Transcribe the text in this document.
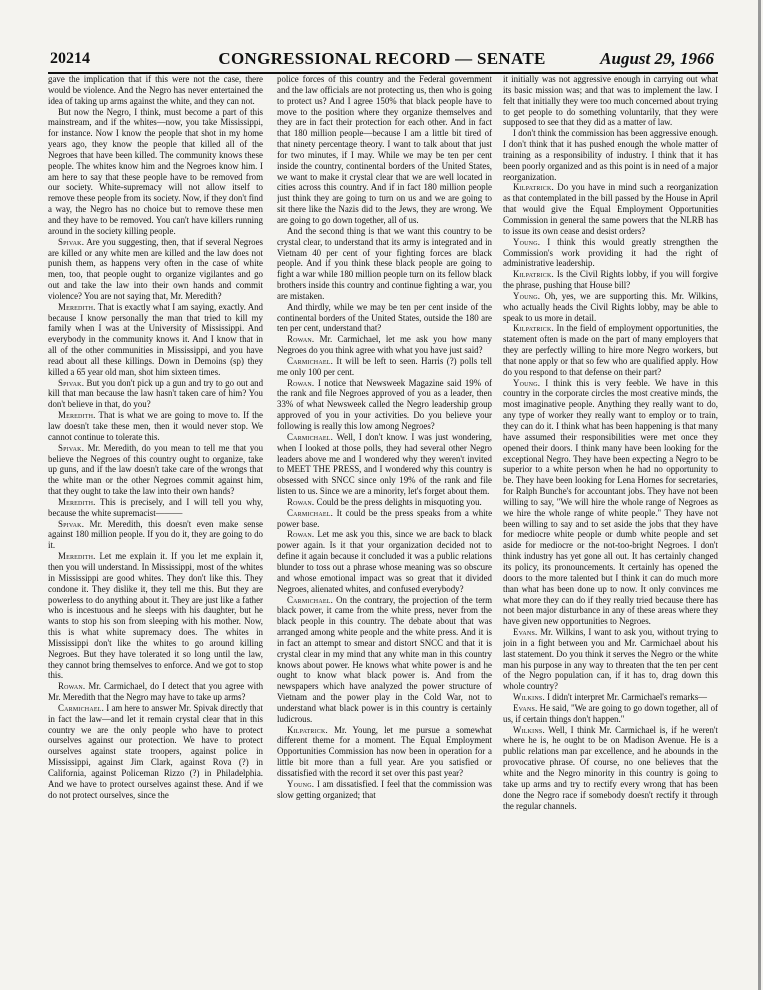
20214	CONGRESSIONAL RECORD — SENATE	August 29, 1966

gave the implication that if this were not the case, there would be violence. And the Negro has never entertained the idea of taking up arms against the white, and they can not.

But now the Negro, I think, must become a part of this mainstream, and if the whites—now, you take Mississippi, for instance. Now I know the people that shot in my home years ago, they know the people that killed all of the Negroes that have been killed. The community knows these people. The whites know him and the Negroes know him. I am here to say that these people have to be removed from our society. White-supremacy will not allow itself to remove these people from its society. Now, if they don't find a way, the Negro has no choice but to remove these men and they have to be removed. You can't have killers running around in the society killing people.

Spivak. Are you suggesting, then, that if several Negroes are killed or any white men are killed and the law does not punish them, as happens very often in the case of white men, too, that people ought to organize vigilantes and go out and take the law into their own hands and commit violence? You are not saying that, Mr. Meredith?

Meredith. That is exactly what I am saying, exactly. And because I know personally the man that tried to kill my family when I was at the University of Mississippi. And everybody in the community knows it. And I know that in all of the other communities in Mississippi, and you have read about all these killings. Down in Demoins (sp) they killed a 65 year old man, shot him sixteen times.

Spivak. But you don't pick up a gun and try to go out and kill that man because the law hasn't taken care of him? You don't believe in that, do you?

Meredith. That is what we are going to move to. If the law doesn't take these men, then it would never stop. We cannot continue to tolerate this.

Spivak. Mr. Meredith, do you mean to tell me that you believe the Negroes of this country ought to organize, take up guns, and if the law doesn't take care of the wrongs that the white man or the other Negroes commit against him, that they ought to take the law into their own hands?

Meredith. This is precisely, and I will tell you why, because the white supremacist———

Spivak. Mr. Meredith, this doesn't even make sense against 180 million people. If you do it, they are going to do it.

Meredith. Let me explain it. If you let me explain it, then you will understand. In Mississippi, most of the whites in Mississippi are good whites. They don't like this. They condone it. They dislike it, they tell me this. But they are powerless to do anything about it. They are just like a father who is incestuous and he sleeps with his daughter, but he wants to stop his son from sleeping with his mother. Now, this is what white supremacy does. The whites in Mississippi don't like the whites to go around killing Negroes. But they have tolerated it so long until the law, they cannot bring themselves to enforce. And we got to stop this.

Rowan. Mr. Carmichael, do I detect that you agree with Mr. Meredith that the Negro may have to take up arms?

Carmichael. I am here to answer Mr. Spivak directly that in fact the law—and let it remain crystal clear that in this country we are the only people who have to protect ourselves against our protection. We have to protect ourselves against state troopers, against police in Mississippi, against Jim Clark, against Rova (?) in California, against Policeman Rizzo (?) in Philadelphia. And we have to protect ourselves against these. And if we do not protect ourselves, since the

police forces of this country and the Federal government and the law officials are not protecting us, then who is going to protect us? And I agree 150% that black people have to move to the position where they organize themselves and they are in fact their protection for each other. And in fact that 180 million people—because I am a little bit tired of that ninety percentage theory. I want to talk about that just for two minutes, if I may. While we may be ten per cent inside the country, continental borders of the United States, we want to make it crystal clear that we are well located in cities across this country. And if in fact 180 million people just think they are going to turn on us and we are going to sit there like the Nazis did to the Jews, they are wrong. We are going to go down together, all of us.

And the second thing is that we want this country to be crystal clear, to understand that its army is integrated and in Vietnam 40 per cent of your fighting forces are black people. And if you think these black people are going to fight a war while 180 million people turn on its fellow black brothers inside this country and continue fighting a war, you are mistaken.

And thirdly, while we may be ten per cent inside of the continental borders of the United States, outside the 180 are ten per cent, understand that?

Rowan. Mr. Carmichael, let me ask you how many Negroes do you think agree with what you have just said?

Carmichael. It will be left to seen. Harris (?) polls tell me only 100 per cent.

Rowan. I notice that Newsweek Magazine said 19% of the rank and file Negroes approved of you as a leader, then 33% of what Newsweek called the Negro leadership group approved of you in your activities. Do you believe your following is really this low among Negroes?

Carmichael. Well, I don't know. I was just wondering, when I looked at those polls, they had several other Negro leaders above me and I wondered why they weren't invited to MEET THE PRESS, and I wondered why this country is obsessed with SNCC since only 19% of the rank and file listen to us. Since we are a minority, let's forget about them.

Rowan. Could be the press delights in misquoting you.

Carmichael. It could be the press speaks from a white power base.

Rowan. Let me ask you this, since we are back to black power again. Is it that your organization decided not to define it again because it concluded it was a public relations blunder to toss out a phrase whose meaning was so obscure and whose emotional impact was so great that it divided Negroes, alienated whites, and confused everybody?

Carmichael. On the contrary, the projection of the term black power, it came from the white press, never from the black people in this country. The debate about that was arranged among white people and the white press. And it is in fact an attempt to smear and distort SNCC and that it is crystal clear in my mind that any white man in this country knows about power. He knows what white power is and he ought to know what black power is. And from the newspapers which have analyzed the power structure of Vietnam and the power play in the Cold War, not to understand what black power is in this country is certainly ludicrous.

Kilpatrick. Mr. Young, let me pursue a somewhat different theme for a moment. The Equal Employment Opportunities Commission has now been in operation for a little bit more than a full year. Are you satisfied or dissatisfied with the record it set over this past year?

Young. I am dissatisfied. I feel that the commission was slow getting organized; that

it initially was not aggressive enough in carrying out what its basic mission was; and that was to implement the law. I felt that initially they were too much concerned about trying to get people to do something voluntarily, that they were supposed to see that they did as a matter of law.

I don't think the commission has been aggressive enough. I don't think that it has pushed enough the whole matter of training as a responsibility of industry. I think that it has been poorly organized and as this point is in need of a major reorganization.

Kilpatrick. Do you have in mind such a reorganization as that contemplated in the bill passed by the House in April that would give the Equal Employment Opportunities Commission in general the same powers that the NLRB has to issue its own cease and desist orders?

Young. I think this would greatly strengthen the Commission's work providing it had the right of administrative leadership.

Kilpatrick. Is the Civil Rights lobby, if you will forgive the phrase, pushing that House bill?

Young. Oh, yes, we are supporting this. Mr. Wilkins, who actually heads the Civil Rights lobby, may be able to speak to us more in detail.

Kilpatrick. In the field of employment opportunities, the statement often is made on the part of many employers that they are perfectly willing to hire more Negro workers, but that none apply or that so few who are qualified apply. How do you respond to that defense on their part?

Young. I think this is very feeble. We have in this country in the corporate circles the most creative minds, the most imaginative people. Anything they really want to do, any type of worker they really want to employ or to train, they can do it. I think what has been happening is that many have assumed their responsibilities were met once they opened their doors. I think many have been looking for the exceptional Negro. They have been expecting a Negro to be superior to a white person when he had no opportunity to be. They have been looking for Lena Hornes for secretaries, for Ralph Bunche's for accountant jobs. They have not been willing to say, "We will hire the whole range of Negroes as we hire the whole range of white people." They have not been willing to say and to set aside the jobs that they have for mediocre white people or dumb white people and set aside for mediocre or the not-too-bright Negroes. I don't think industry has yet gone all out. It has certainly changed its policy, its pronouncements. It certainly has opened the doors to the more talented but I think it can do much more than what has been done up to now. It only convinces me what more they can do if they really tried because there has not been major disturbance in any of these areas where they have given new opportunities to Negroes.

Evans. Mr. Wilkins, I want to ask you, without trying to join in a fight between you and Mr. Carmichael about his last statement. Do you think it serves the Negro or the white man his purpose in any way to threaten that the ten per cent of the Negro population can, if it has to, drag down this whole country?

Wilkins. I didn't interpret Mr. Carmichael's remarks—

Evans. He said, "We are going to go down together, all of us, if certain things don't happen."

Wilkins. Well, I think Mr. Carmichael is, if he weren't where he is, he ought to be on Madison Avenue. He is a public relations man par excellence, and he abounds in the provocative phrase. Of course, no one believes that the white and the Negro minority in this country is going to take up arms and try to rectify every wrong that has been done the Negro race if somebody doesn't rectify it through the regular channels.
